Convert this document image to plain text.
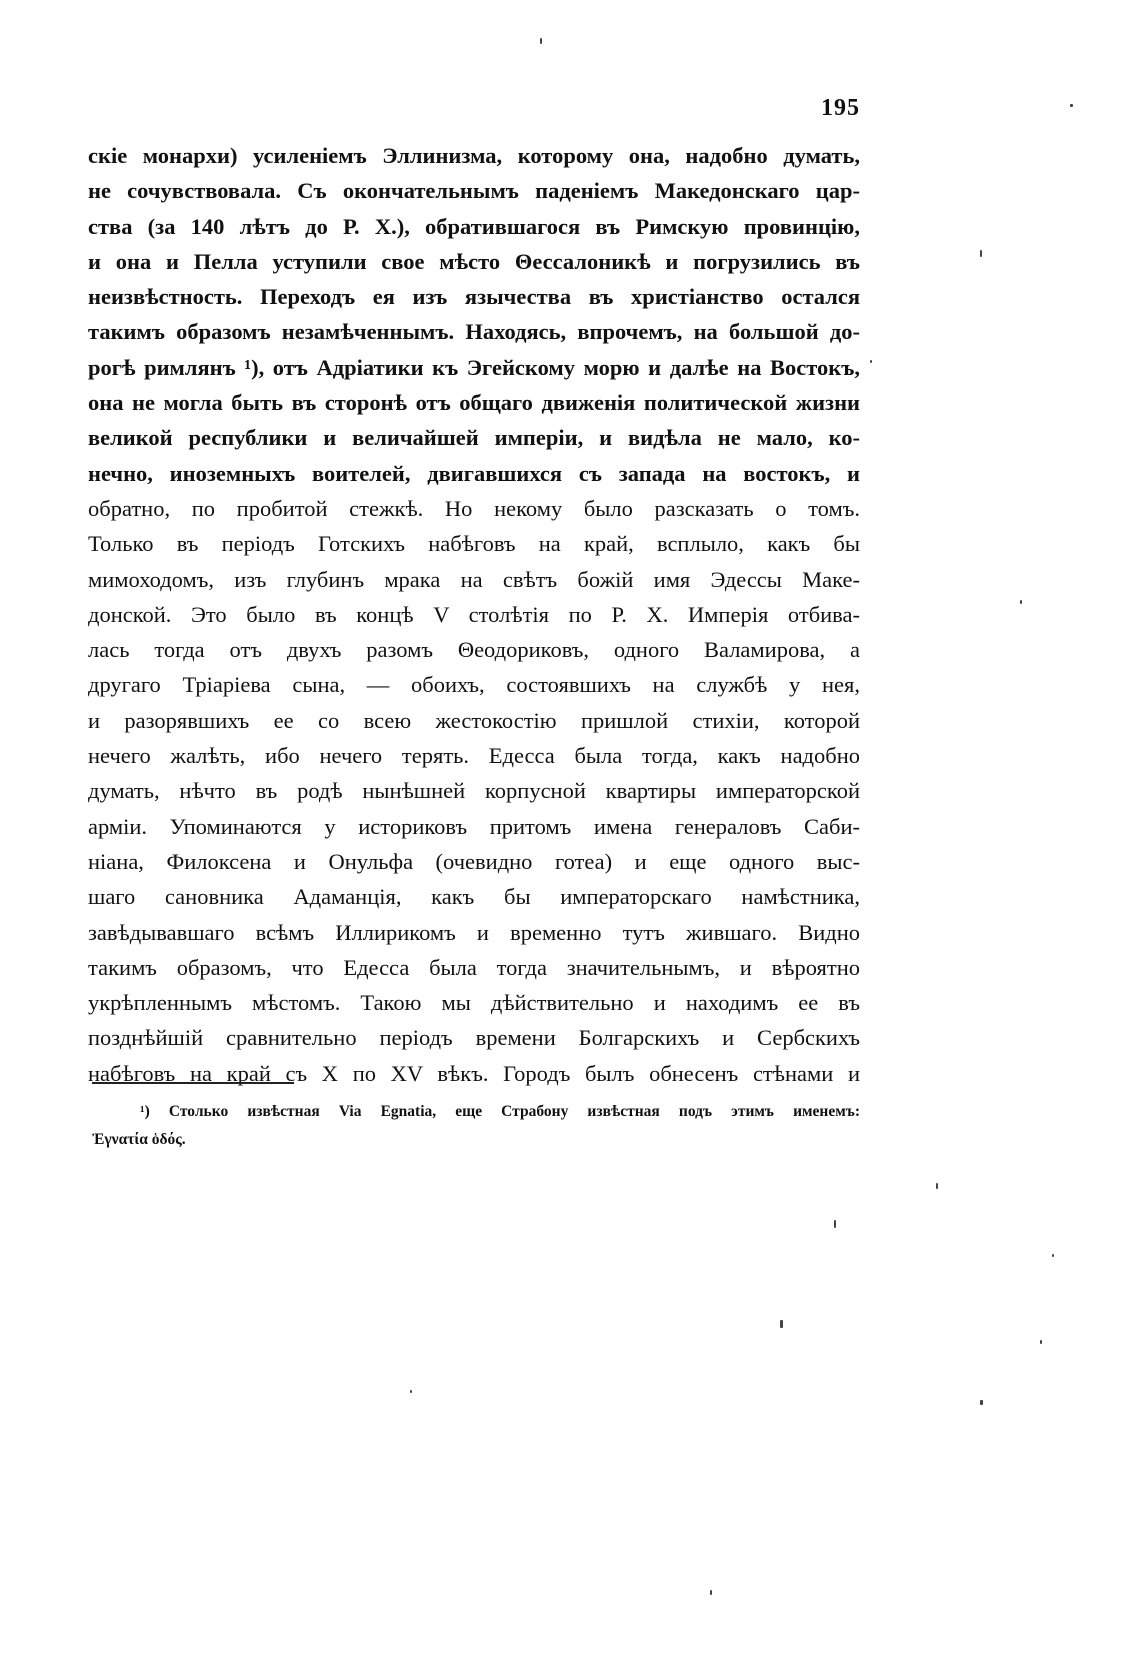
195
скіе монархи) усиленіемъ Эллинизма, которому она, надобно думать,
не сочувствовала. Съ окончательнымъ паденіемъ Македонскаго цар-
ства (за 140 лѣтъ до Р. Х.), обратившагося въ Римскую провинцію,
и она и Пелла уступили свое мѣсто Θессалоникѣ и погрузились въ
неизвѣстность. Переходъ ея изъ язычества въ христіанство остался
такимъ образомъ незамѣченнымъ. Находясь, впрочемъ, на большой до-
рогѣ римлянъ ¹), отъ Адріатики къ Эгейскому морю и далѣе на Востокъ,
она не могла быть въ сторонѣ отъ общаго движенія политической жизни
великой республики и величайшей имперіи, и видѣла не мало, ко-
нечно, иноземныхъ воителей, двигавшихся съ запада на востокъ, и
обратно, по пробитой стежкѣ. Но некому было разсказать о томъ.
Только въ періодъ Готскихъ набѣговъ на край, всплыло, какъ бы
мимоходомъ, изъ глубинъ мрака на свѣтъ божій имя Эдессы Маке-
донской. Это было въ концѣ V столѣтія по Р. Х. Имперія отбива-
лась тогда отъ двухъ разомъ Θеодориковъ, одного Валамирова, а
другаго Тріаріева сына, — обоихъ, состоявшихъ на службѣ у нея,
и разорявшихъ ее со всею жестокостію пришлой стихіи, которой
нечего жалѣть, ибо нечего терять. Едесса была тогда, какъ надобно
думать, нѣчто въ родѣ нынѣшней корпусной квартиры императорской
арміи. Упоминаются у историковъ притомъ имена генераловъ Саби-
ніана, Филоксена и Онульфа (очевидно готеа) и еще одного выс-
шаго сановника Адаманція, какъ бы императорскаго намѣстника,
завѣдывавшаго всѣмъ Иллирикомъ и временно тутъ жившаго. Видно
такимъ образомъ, что Едесса была тогда значительнымъ, и вѣроятно
укрѣпленнымъ мѣстомъ. Такою мы дѣйствительно и находимъ ее въ
позднѣйшій сравнительно періодъ времени Болгарскихъ и Сербскихъ
набѣговъ на край съ X по XV вѣкъ. Городъ былъ обнесенъ стѣнами и
¹) Столько извѣстная Via Egnatia, еще Страбону извѣстная подъ этимъ именемъ:
Ἐγνατία ὁδός.
